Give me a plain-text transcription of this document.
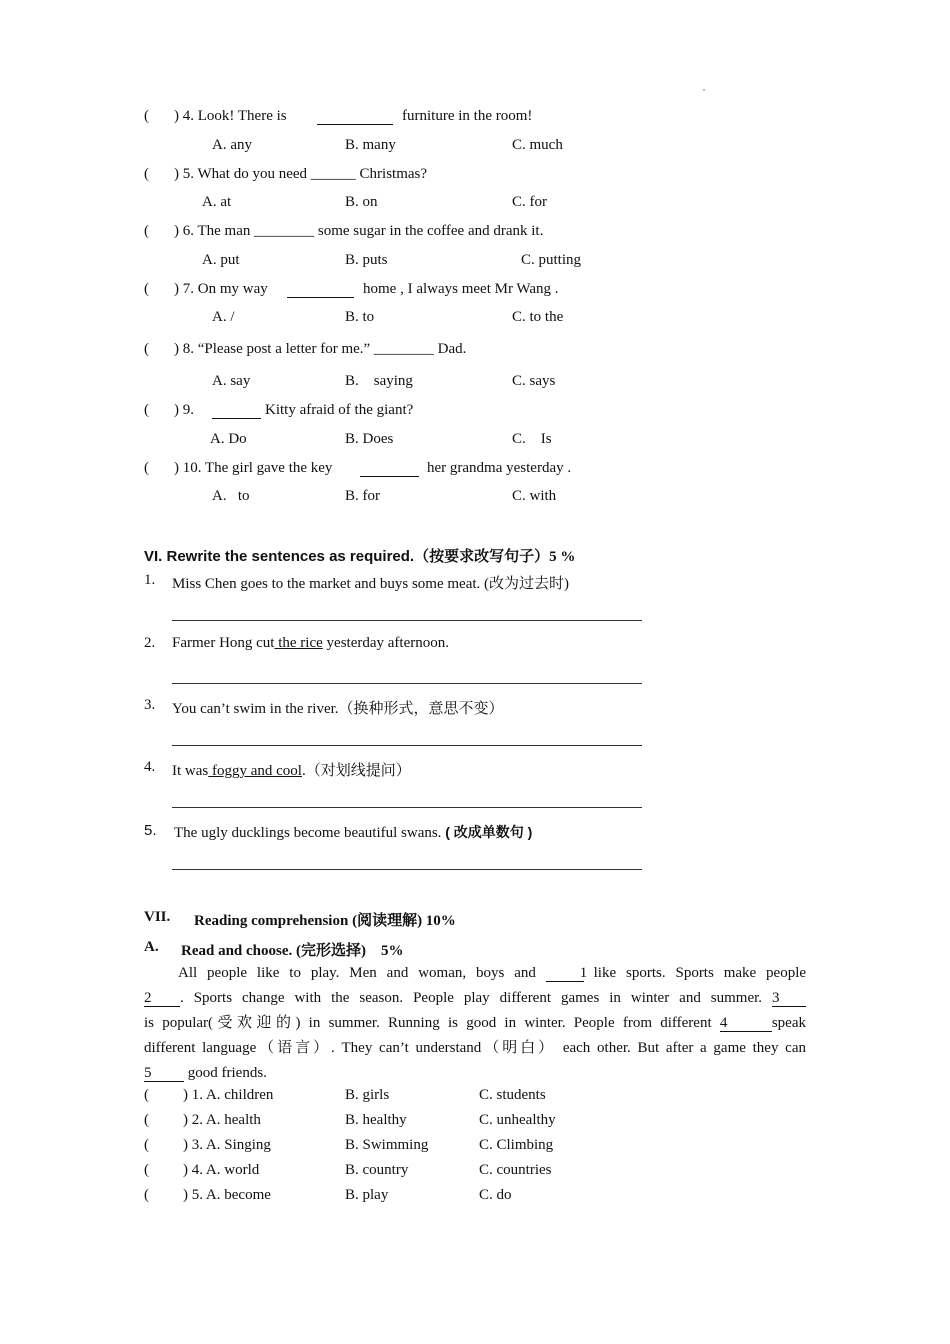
˙
( ) 4. Look! There is	furniture in the room!
A. any	B. many	C. much
( ) 5. What do you need ______ Christmas?
A. at	B. on	C. for
( ) 6. The man ________ some sugar in the coffee and drank it.
A. put	B. puts	C. putting
( ) 7. On my way	home , I always meet Mr Wang .
A. /	B. to	C. to the
( ) 8. “Please post a letter for me.” ________ Dad.
A. say	B.    saying	C. says
( ) 9.	Kitty afraid of the giant?
A. Do	B. Does	C.    Is
( ) 10. The girl gave the key	her grandma yesterday .
A.   to	B. for	C. with
VI. Rewrite the sentences as required.（按要求改写句子）5 %
1. Miss Chen goes to the market and buys some meat. (改为过去时)
2. Farmer Hong cut the rice yesterday afternoon.
3. You can’t swim in the river.（换种形式，意思不变）
4. It was foggy and cool.（对划线提问）
5. The ugly ducklings become beautiful swans. ( 改成单数句 )
VII. Reading comprehension (阅读理解) 10%
A. Read and choose. (完形选择)    5%

All people like to play. Men and woman, boys and	1 like sports. Sports make people

2 . Sports change with the season. People play different games in winter and summer. 3

is popular(受欢迎的) in summer. Running is good in winter. People from different 4	speak

different language（语言）. They can’t understand（明白） each other. But after a game they can

5 good friends.

( ) 1. A. children	B. girls	C. students
( ) 2. A. health	B. healthy	C. unhealthy
( ) 3. A. Singing	B. Swimming	C. Climbing
( ) 4. A. world	B. country	C. countries
( ) 5. A. become	B. play	C. do
